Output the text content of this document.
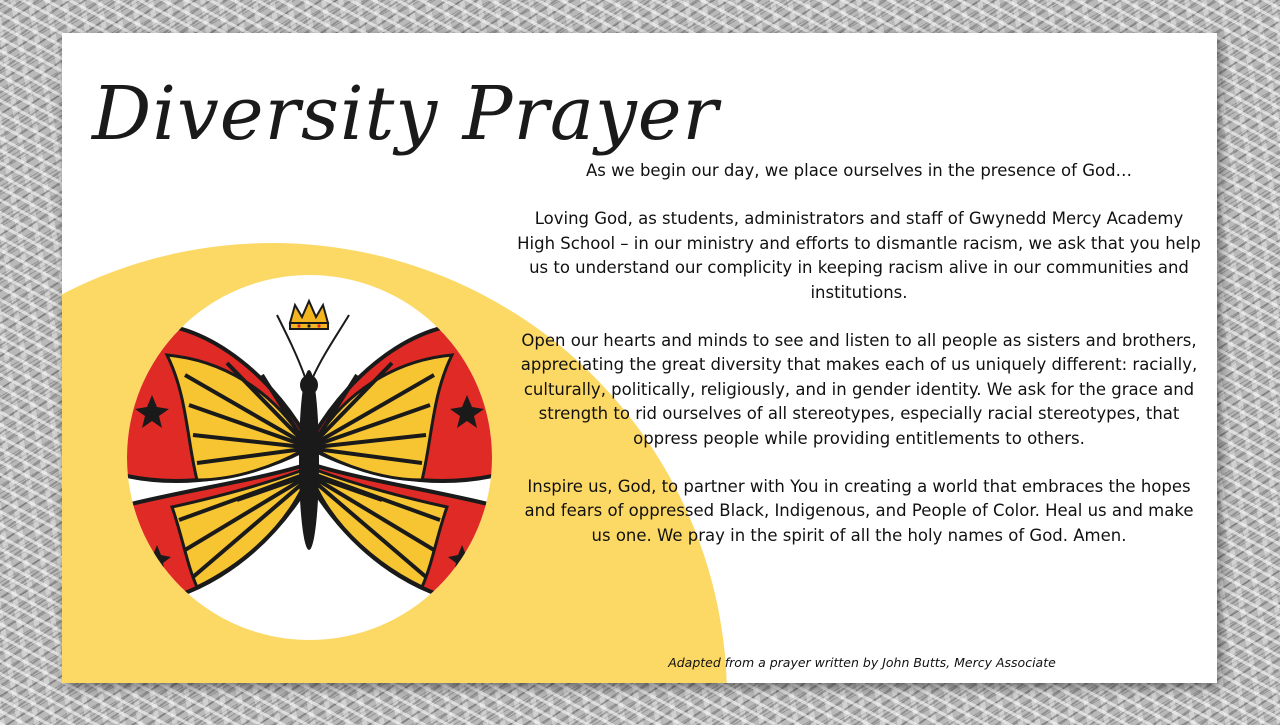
Diversity Prayer

As we begin our day, we place ourselves in the presence of God…

Loving God, as students, administrators and staff of Gwynedd Mercy Academy High School – in our ministry and efforts to dismantle racism, we ask that you help us to understand our complicity in keeping racism alive in our communities and institutions.

Open our hearts and minds to see and listen to all people as sisters and brothers, appreciating the great diversity that makes each of us uniquely different: racially, culturally, politically, religiously, and in gender identity. We ask for the grace and strength to rid ourselves of all stereotypes, especially racial stereotypes, that oppress people while providing entitlements to others.

Inspire us, God, to partner with You in creating a world that embraces the hopes and fears of oppressed Black, Indigenous, and People of Color. Heal us and make us one. We pray in the spirit of all the holy names of God. Amen.

Adapted from a prayer written by John Butts, Mercy Associate
